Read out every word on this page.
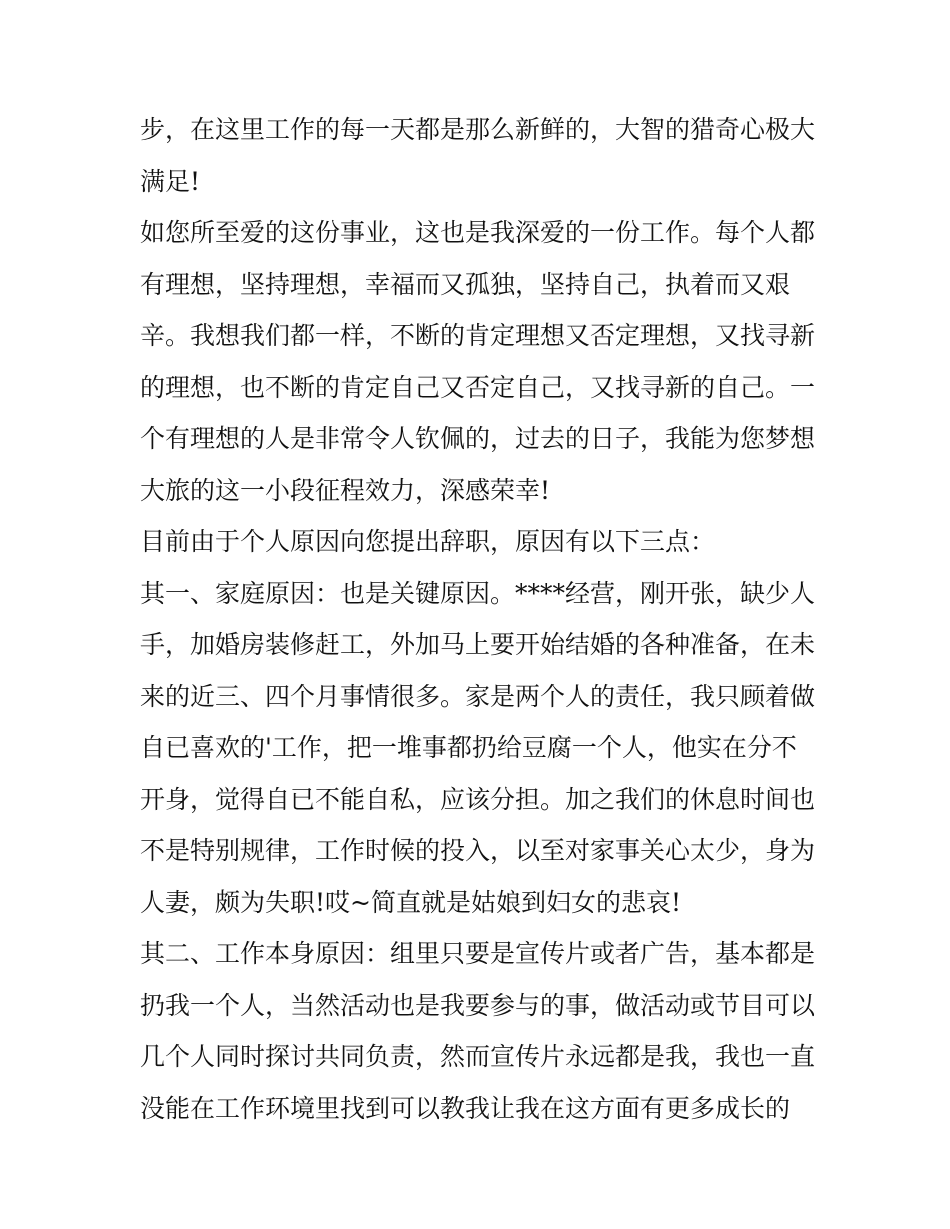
步，在这里工作的每一天都是那么新鲜的，大智的猎奇心极大
满足!
如您所至爱的这份事业，这也是我深爱的一份工作。每个人都
有理想，坚持理想，幸福而又孤独，坚持自己，执着而又艰
辛。我想我们都一样，不断的肯定理想又否定理想，又找寻新
的理想，也不断的肯定自己又否定自己，又找寻新的自己。一
个有理想的人是非常令人钦佩的，过去的日子，我能为您梦想
大旅的这一小段征程效力，深感荣幸!
目前由于个人原因向您提出辞职，原因有以下三点：
其一、家庭原因：也是关键原因。****经营，刚开张，缺少人
手，加婚房装修赶工，外加马上要开始结婚的各种准备，在未
来的近三、四个月事情很多。家是两个人的责任，我只顾着做
自已喜欢的'工作，把一堆事都扔给豆腐一个人，他实在分不
开身，觉得自已不能自私，应该分担。加之我们的休息时间也
不是特别规律，工作时候的投入，以至对家事关心太少，身为
人妻，颇为失职!哎~简直就是姑娘到妇女的悲哀!
其二、工作本身原因：组里只要是宣传片或者广告，基本都是
扔我一个人，当然活动也是我要参与的事，做活动或节目可以
几个人同时探讨共同负责，然而宣传片永远都是我，我也一直
没能在工作环境里找到可以教我让我在这方面有更多成长的
